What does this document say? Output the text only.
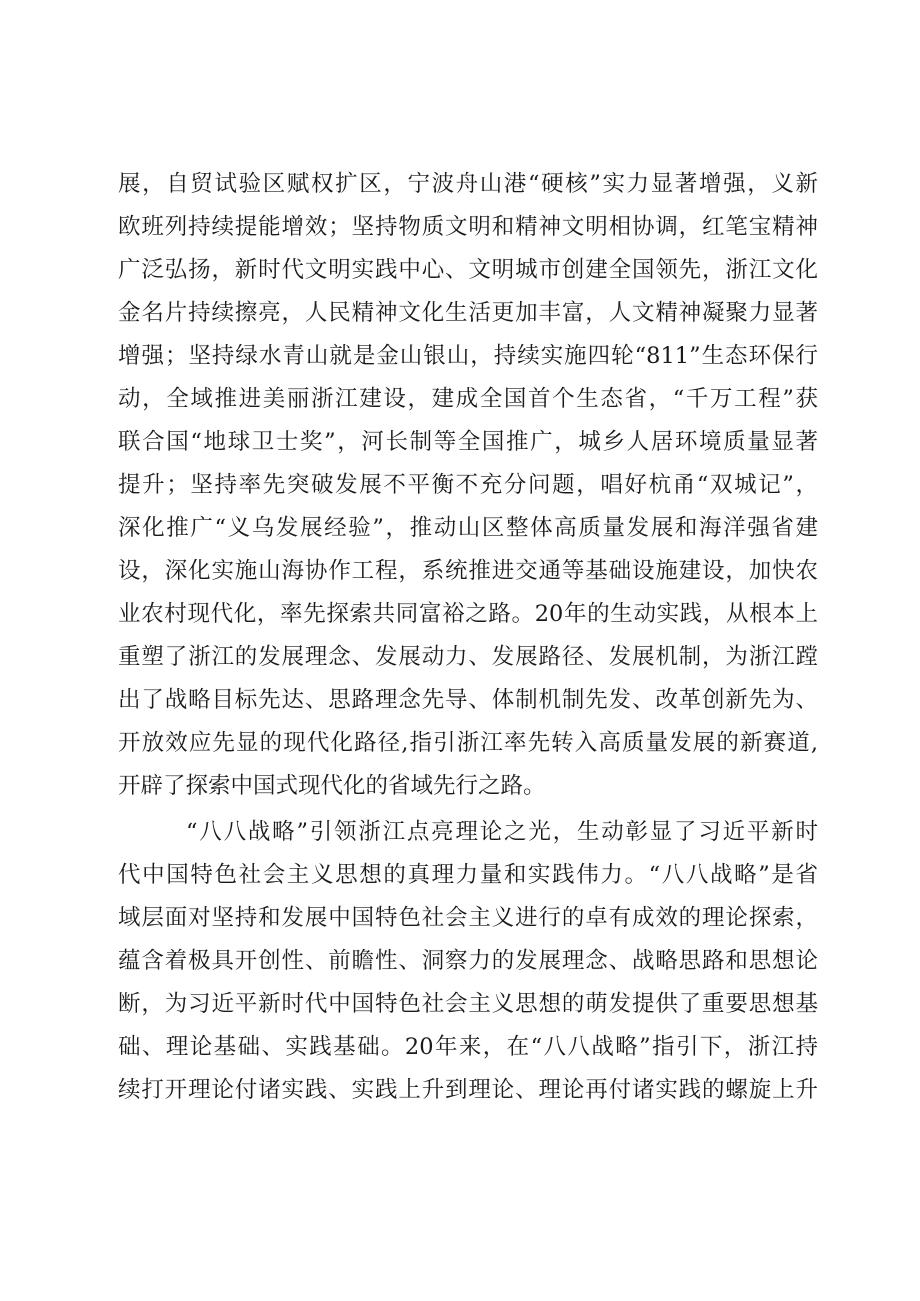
展，自贸试验区赋权扩区，宁波舟山港“硬核”实力显著增强，义新
欧班列持续提能增效；坚持物质文明和精神文明相协调，红笔宝精神
广泛弘扬，新时代文明实践中心、文明城市创建全国领先，浙江文化
金名片持续擦亮，人民精神文化生活更加丰富，人文精神凝聚力显著
增强；坚持绿水青山就是金山银山，持续实施四轮“811”生态环保行
动，全域推进美丽浙江建设，建成全国首个生态省，“千万工程”获
联合国“地球卫士奖”，河长制等全国推广，城乡人居环境质量显著
提升；坚持率先突破发展不平衡不充分问题，唱好杭甬“双城记”，
深化推广“义乌发展经验”，推动山区整体高质量发展和海洋强省建
设，深化实施山海协作工程，系统推进交通等基础设施建设，加快农
业农村现代化，率先探索共同富裕之路。20年的生动实践，从根本上
重塑了浙江的发展理念、发展动力、发展路径、发展机制，为浙江蹚
出了战略目标先达、思路理念先导、体制机制先发、改革创新先为、
开放效应先显的现代化路径,指引浙江率先转入高质量发展的新赛道,
开辟了探索中国式现代化的省域先行之路。
“八八战略”引领浙江点亮理论之光，生动彰显了习近平新时
代中国特色社会主义思想的真理力量和实践伟力。“八八战略”是省
域层面对坚持和发展中国特色社会主义进行的卓有成效的理论探索，
蕴含着极具开创性、前瞻性、洞察力的发展理念、战略思路和思想论
断，为习近平新时代中国特色社会主义思想的萌发提供了重要思想基
础、理论基础、实践基础。20年来，在“八八战略”指引下，浙江持
续打开理论付诸实践、实践上升到理论、理论再付诸实践的螺旋上升
